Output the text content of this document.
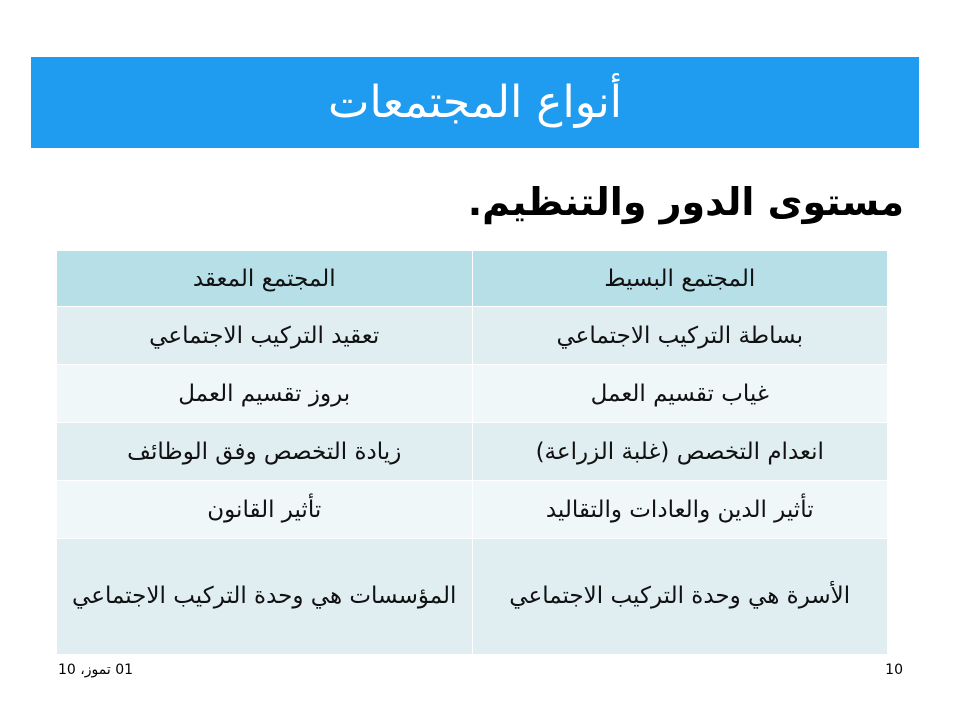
أنواع المجتمعات
مستوى الدور والتنظيم.
المجتمع البسيط	المجتمع المعقد
بساطة التركيب الاجتماعي	تعقيد التركيب الاجتماعي
غياب تقسيم العمل	بروز تقسيم العمل
انعدام التخصص (غلبة الزراعة)	زيادة التخصص وفق الوظائف
تأثير الدين والعادات والتقاليد	تأثير القانون
الأسرة هي وحدة التركيب الاجتماعي	المؤسسات هي وحدة التركيب الاجتماعي
01 تموز، 10	10
